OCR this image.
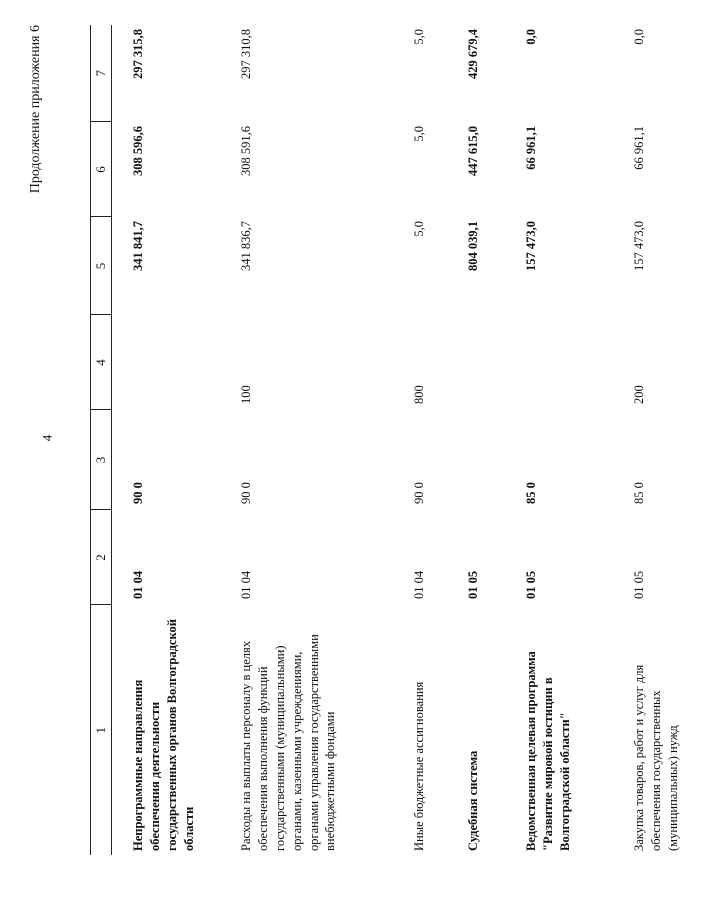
4
Продолжение приложения 6
1	2	3	4	5	6	7
Непрограммные направления обеспечения деятельности государственных органов Волгоградской области	01 04	90 0		341 841,7	308 596,6	297 315,8
Расходы на выплаты персоналу в целях обеспечения выполнения функций государственными (муниципальными) органами, казенными учреждениями, органами управления государственными внебюджетными фондами	01 04	90 0	100	341 836,7	308 591,6	297 310,8
Иные бюджетные ассигнования	01 04	90 0	800	5,0	5,0	5,0
Судебная система	01 05			804 039,1	447 615,0	429 679,4
Ведомственная целевая программа "Развитие мировой юстиции в Волгоградской области"	01 05	85 0		157 473,0	66 961,1	0,0
Закупка товаров, работ и услуг для обеспечения государственных (муниципальных) нужд	01 05	85 0	200	157 473,0	66 961,1	0,0
